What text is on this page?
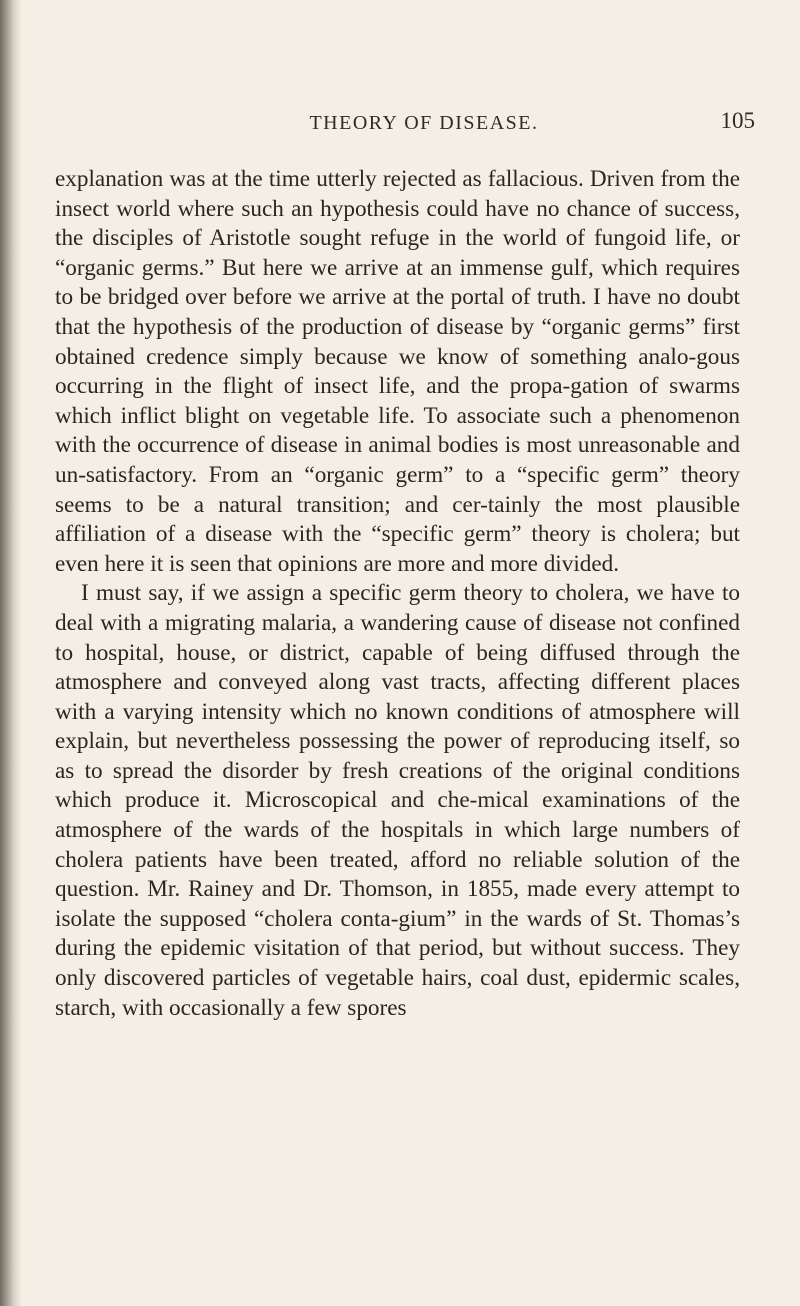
THEORY OF DISEASE.	105

explanation was at the time utterly rejected as fallacious. Driven from the insect world where such an hypothesis could have no chance of success, the disciples of Aristotle sought refuge in the world of fungoid life, or “organic germs.” But here we arrive at an immense gulf, which requires to be bridged over before we arrive at the portal of truth. I have no doubt that the hypothesis of the production of disease by “organic germs” first obtained credence simply because we know of something analo-gous occurring in the flight of insect life, and the propa-gation of swarms which inflict blight on vegetable life. To associate such a phenomenon with the occurrence of disease in animal bodies is most unreasonable and un-satisfactory. From an “organic germ” to a “specific germ” theory seems to be a natural transition; and cer-tainly the most plausible affiliation of a disease with the “specific germ” theory is cholera; but even here it is seen that opinions are more and more divided.

I must say, if we assign a specific germ theory to cholera, we have to deal with a migrating malaria, a wandering cause of disease not confined to hospital, house, or district, capable of being diffused through the atmosphere and conveyed along vast tracts, affecting different places with a varying intensity which no known conditions of atmosphere will explain, but nevertheless possessing the power of reproducing itself, so as to spread the disorder by fresh creations of the original conditions which produce it. Microscopical and che-mical examinations of the atmosphere of the wards of the hospitals in which large numbers of cholera patients have been treated, afford no reliable solution of the question. Mr. Rainey and Dr. Thomson, in 1855, made every attempt to isolate the supposed “cholera conta-gium” in the wards of St. Thomas’s during the epidemic visitation of that period, but without success. They only discovered particles of vegetable hairs, coal dust, epidermic scales, starch, with occasionally a few spores
